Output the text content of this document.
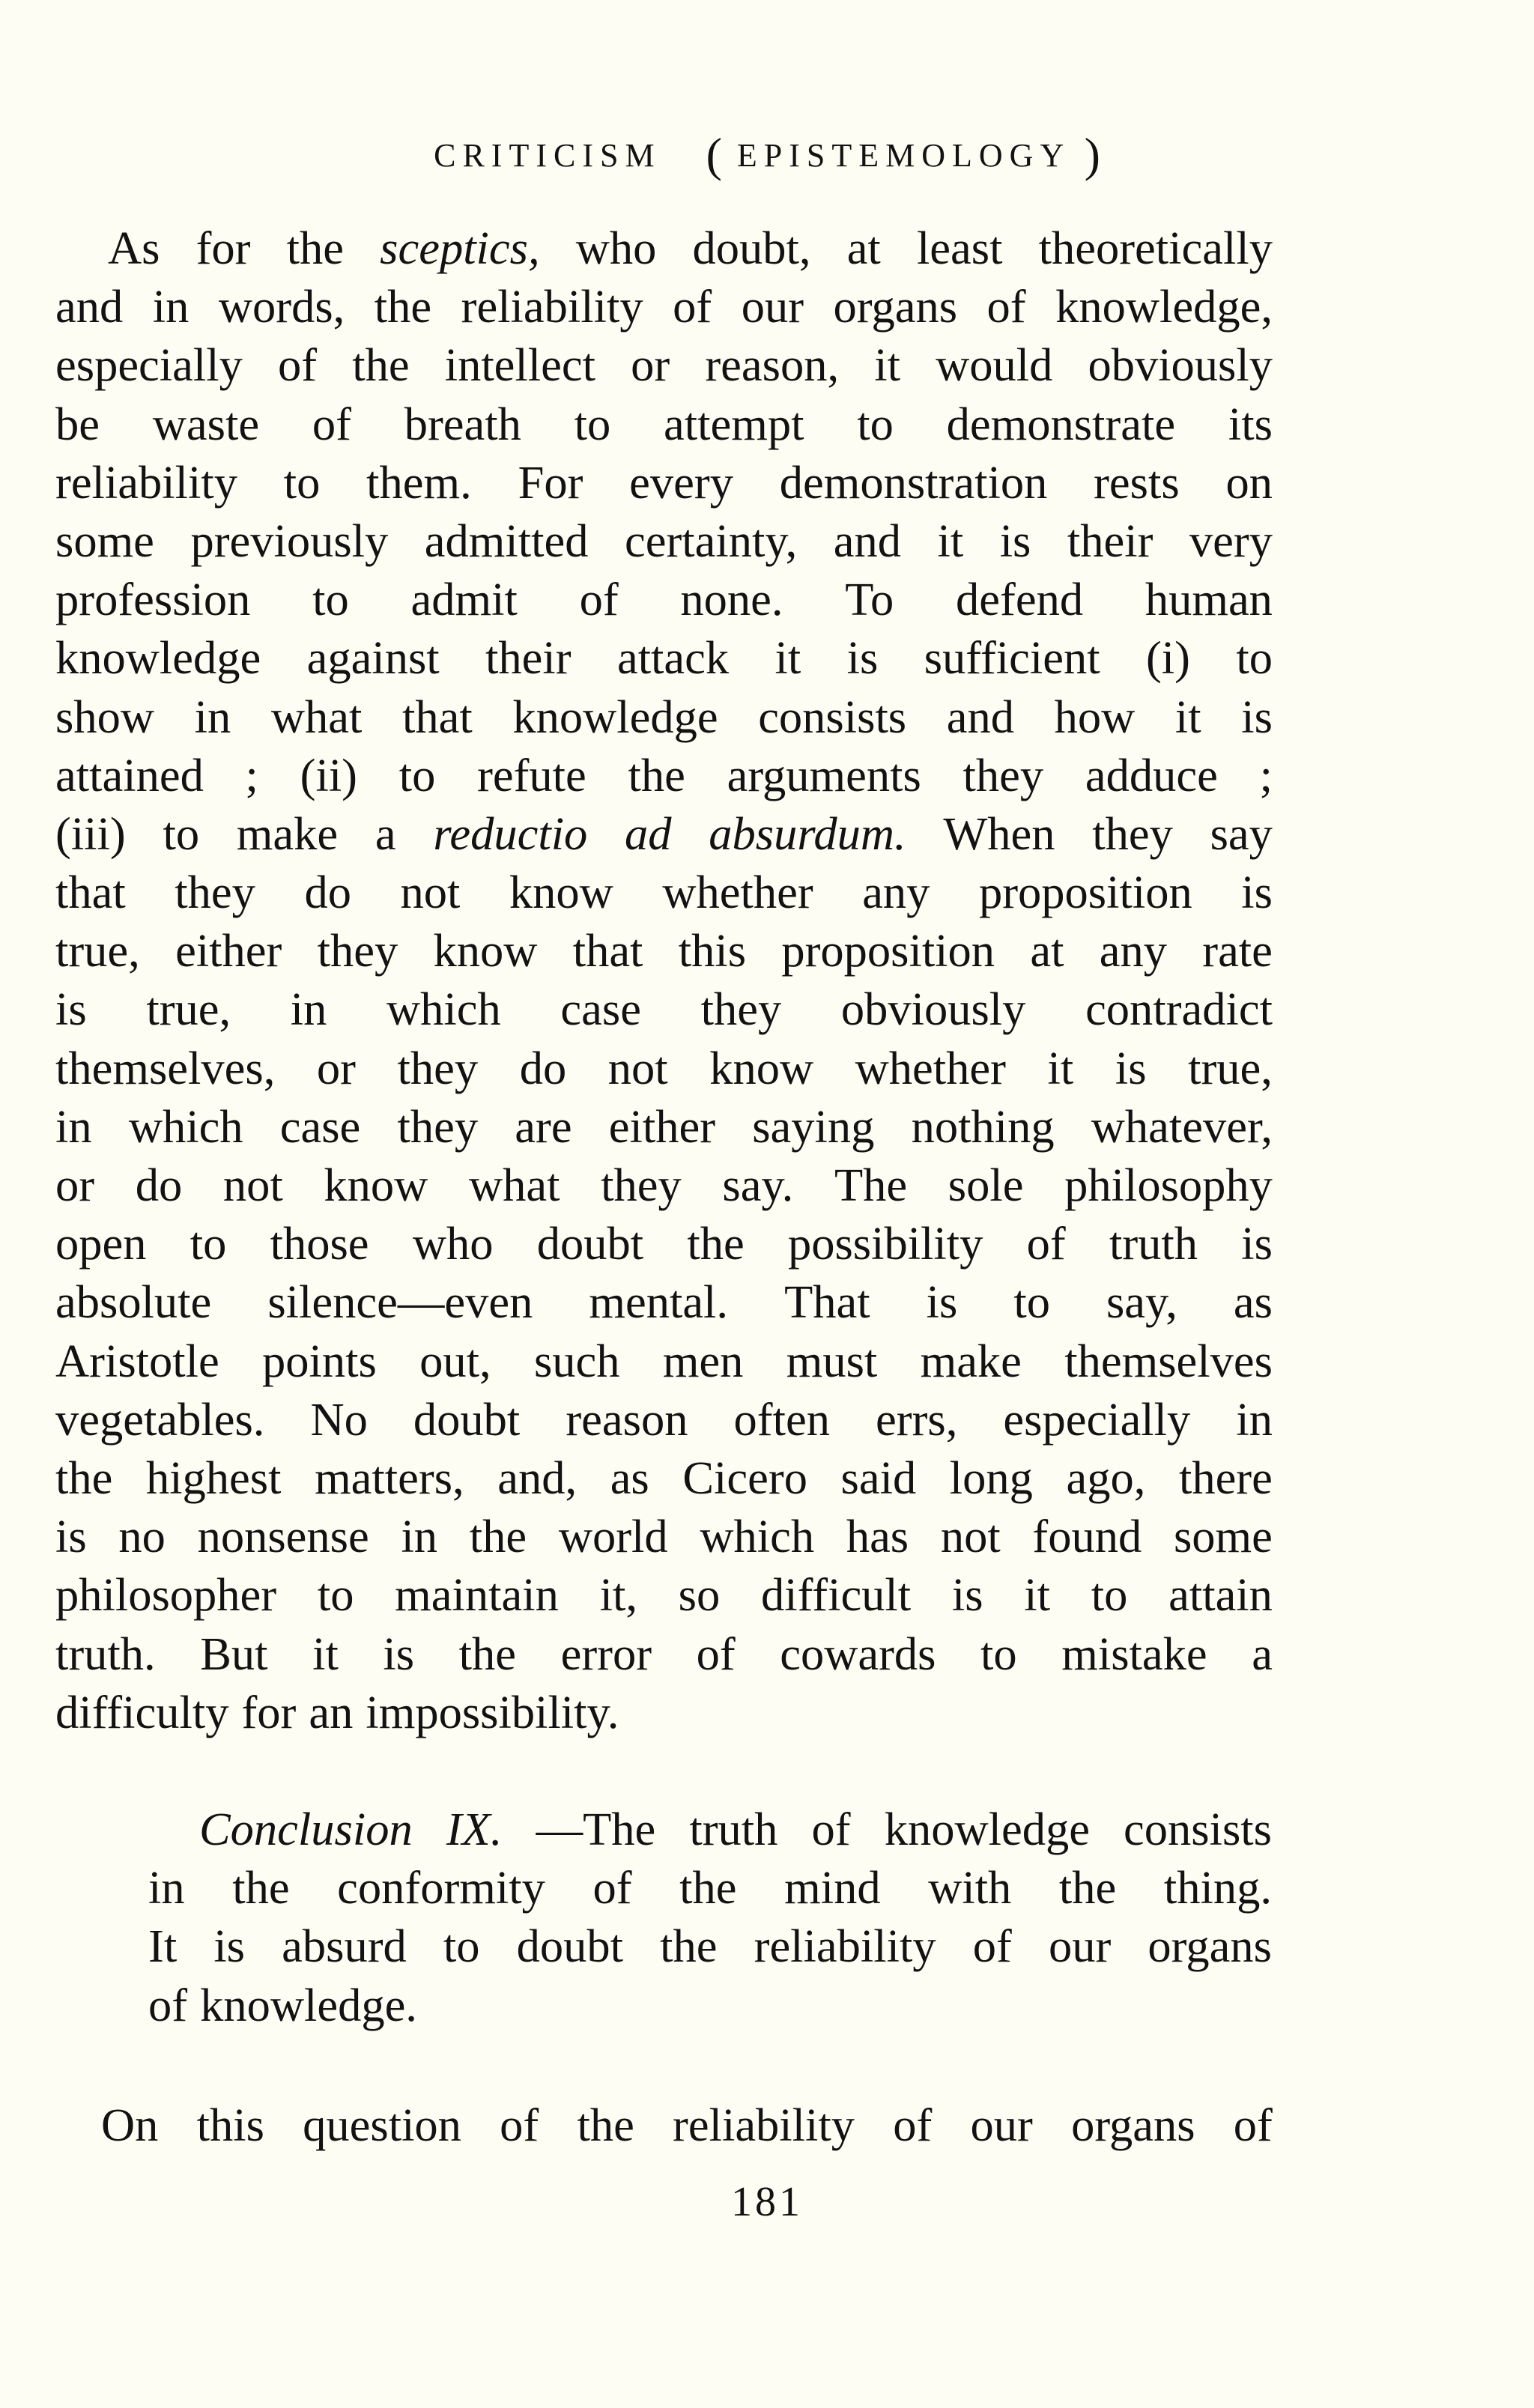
CRITICISM ( EPISTEMOLOGY )
As for the sceptics, who doubt, at least theoretically
and in words, the reliability of our organs of knowledge,
especially of the intellect or reason, it would obviously
be waste of breath to attempt to demonstrate its
reliability to them. For every demonstration rests on
some previously admitted certainty, and it is their very
profession to admit of none. To defend human
knowledge against their attack it is sufficient (i) to
show in what that knowledge consists and how it is
attained ; (ii) to refute the arguments they adduce ;
(iii) to make a reductio ad absurdum. When they say
that they do not know whether any proposition is
true, either they know that this proposition at any rate
is true, in which case they obviously contradict
themselves, or they do not know whether it is true,
in which case they are either saying nothing whatever,
or do not know what they say. The sole philosophy
open to those who doubt the possibility of truth is
absolute silence—even mental. That is to say, as
Aristotle points out, such men must make themselves
vegetables. No doubt reason often errs, especially in
the highest matters, and, as Cicero said long ago, there
is no nonsense in the world which has not found some
philosopher to maintain it, so difficult is it to attain
truth. But it is the error of cowards to mistake a
difficulty for an impossibility.
Conclusion IX. —The truth of knowledge consists
in the conformity of the mind with the thing.
It is absurd to doubt the reliability of our organs
of knowledge.
On this question of the reliability of our organs of
181
